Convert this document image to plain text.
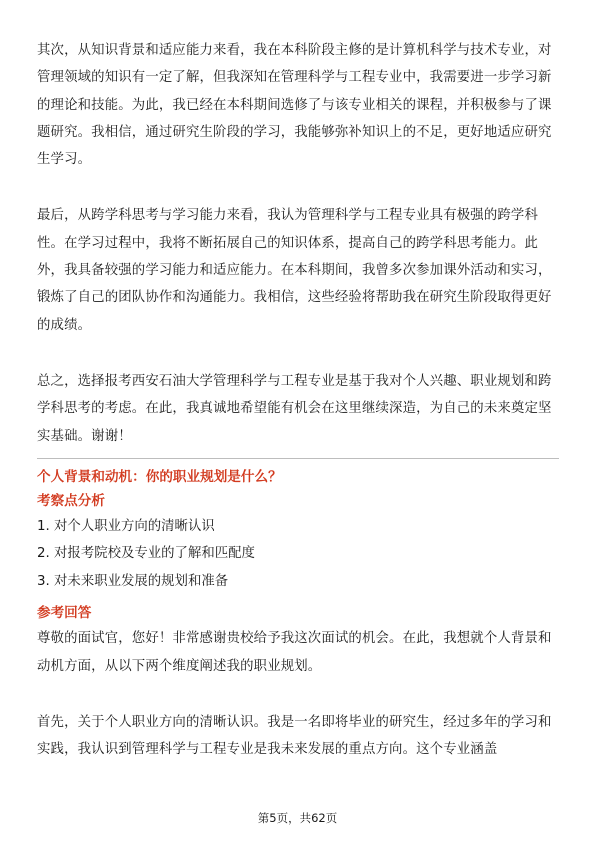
其次，从知识背景和适应能力来看，我在本科阶段主修的是计算机科学与技术专业，对管理领域的知识有一定了解，但我深知在管理科学与工程专业中，我需要进一步学习新的理论和技能。为此，我已经在本科期间选修了与该专业相关的课程，并积极参与了课题研究。我相信，通过研究生阶段的学习，我能够弥补知识上的不足，更好地适应研究生学习。

最后，从跨学科思考与学习能力来看，我认为管理科学与工程专业具有极强的跨学科性。在学习过程中，我将不断拓展自己的知识体系，提高自己的跨学科思考能力。此外，我具备较强的学习能力和适应能力。在本科期间，我曾多次参加课外活动和实习，锻炼了自己的团队协作和沟通能力。我相信，这些经验将帮助我在研究生阶段取得更好的成绩。

总之，选择报考西安石油大学管理科学与工程专业是基于我对个人兴趣、职业规划和跨学科思考的考虑。在此，我真诚地希望能有机会在这里继续深造，为自己的未来奠定坚实基础。谢谢！

个人背景和动机：你的职业规划是什么？

考察点分析

1. 对个人职业方向的清晰认识

2. 对报考院校及专业的了解和匹配度

3. 对未来职业发展的规划和准备

参考回答

尊敬的面试官，您好！非常感谢贵校给予我这次面试的机会。在此，我想就个人背景和动机方面，从以下两个维度阐述我的职业规划。

首先，关于个人职业方向的清晰认识。我是一名即将毕业的研究生，经过多年的学习和实践，我认识到管理科学与工程专业是我未来发展的重点方向。这个专业涵盖

第5页，共62页
